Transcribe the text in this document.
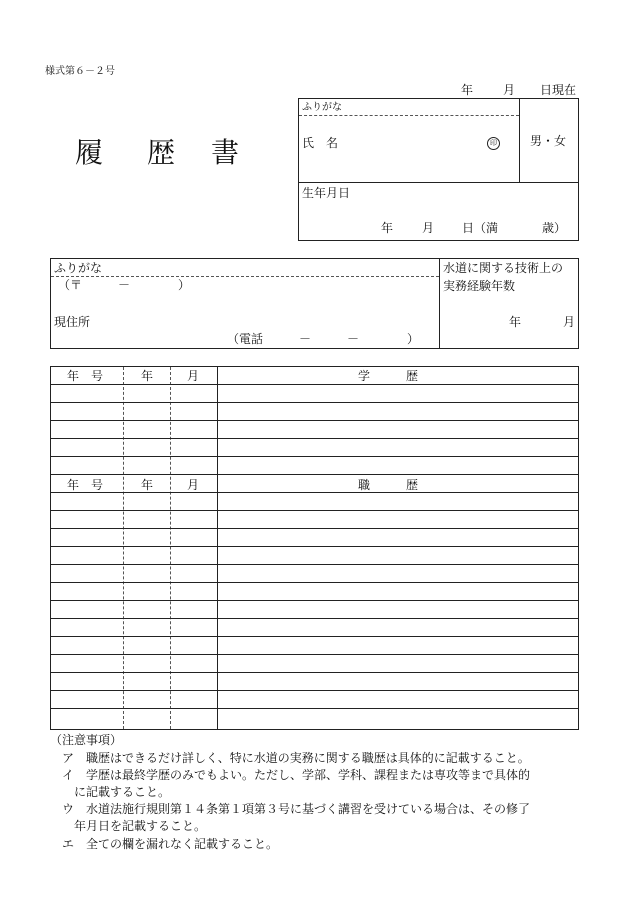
様式第６－２号
年 月 日現在
履 歴 書
ふりがな
氏　名	印	男・女
生年月日
年 月 日（満	歳）
ふりがな
（〒　　　－　　　　）
現住所
（電話　　　－　　　－　　　　）
水道に関する技術上の
実務経験年数
年	月
年　号	年	月	学　　　歴
年　号	年	月	職　　　歴
（注意事項）
ア　職歴はできるだけ詳しく、特に水道の実務に関する職歴は具体的に記載すること。
イ　学歴は最終学歴のみでもよい。ただし、学部、学科、課程または専攻等まで具体的
に記載すること。
ウ　水道法施行規則第１４条第１項第３号に基づく講習を受けている場合は、その修了
年月日を記載すること。
エ　全ての欄を漏れなく記載すること。
